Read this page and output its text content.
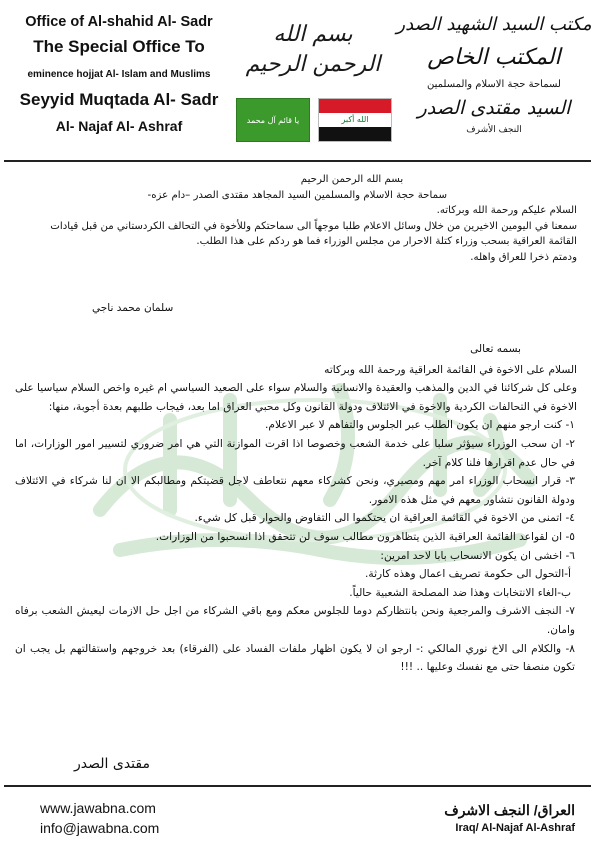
Office of Al-shahid Al- Sadr
The Special Office To
eminence hojjat Al- Islam and Muslims
Seyyid Muqtada Al- Sadr
Al- Najaf Al- Ashraf
بسم الله الرحمن الرحيم
يا قائم آل محمد	الله أكبر
مكتب السيد الشهيد الصدر
المكتب الخاص
لسماحة حجة الاسلام والمسلمين
السيد مقتدى الصدر
النجف الأشرف

بسم الله الرحمن الرحيم

سماحة حجة الاسلام والمسلمين السيد المجاهد مقتدى الصدر –دام عزه-

السلام عليكم ورحمة الله وبركاته.

سمعنا في اليومين الاخيرين من خلال وسائل الاعلام طلبا موجهاً الى سماحتكم وللأخوة في التحالف الكردستاني من قبل قيادات

القائمة العراقية بسحب وزراء كتلة الاحرار من مجلس الوزراء فما هو ردكم على هذا الطلب.

ودمتم ذخرا للعراق واهله.

سلمان محمد ناجي

بسمه تعالى

السلام على الاخوة في القائمة العراقية ورحمة الله وبركاته

وعلى كل شركائنا في الدين والمذهب والعقيدة والانسانية والسلام سواء على الصعيد السياسي ام غيره واخص السلام سياسيا على الاخوة في التحالفات الكردية والاخوة في الائتلاف ودولة القانون وكل محبي العراق اما بعد، فيجاب طلبهم بعدة أجوبة، منها:

١- كنت ارجو منهم ان يكون الطلب عبر الجلوس والتفاهم لا عبر الاعلام.

٢- ان سحب الوزراء سيؤثر سلبا على خدمة الشعب وخصوصا اذا اقرت الموازنة التي هي امر ضروري لتسيير امور الوزارات، اما في حال عدم اقرارها فلنا كلام آخر.

٣- قرار انسحاب الوزراء امر مهم ومصيري، ونحن كشركاء معهم نتعاطف لاجل قضيتكم ومطالبكم الا ان لنا شركاء في الائتلاف ودولة القانون نتشاور معهم في مثل هذه الامور.

٤- اتمنى من الاخوة في القائمة العراقية ان يحتكموا الى التفاوض والحوار قبل كل شيء.

٥- ان لقواعد القائمة العراقية الذين يتظاهرون مطالب سوف لن تتحقق اذا انسحبوا من الوزارات.

٦- اخشى ان يكون الانسحاب بابا لاحد امرين:

أ-التحول الى حكومة تصريف اعمال وهذه كارثة.

ب-الغاء الانتخابات وهذا ضد المصلحة الشعبية حالياً.

٧- النجف الاشرف والمرجعية ونحن بانتظاركم دوما للجلوس معكم ومع باقي الشركاء من اجل حل الازمات ليعيش الشعب برفاه وامان.

٨- والكلام الى الاخ نوري المالكي :- ارجو ان لا يكون اظهار ملفات الفساد على (الفرقاء) بعد خروجهم واستقالتهم بل يجب ان تكون منصفا حتى مع نفسك وعليها .. !!!

مقتدى الصدر
www.jawabna.com
info@jawabna.com
العراق/ النجف الاشرف
Iraq/ Al-Najaf Al-Ashraf
